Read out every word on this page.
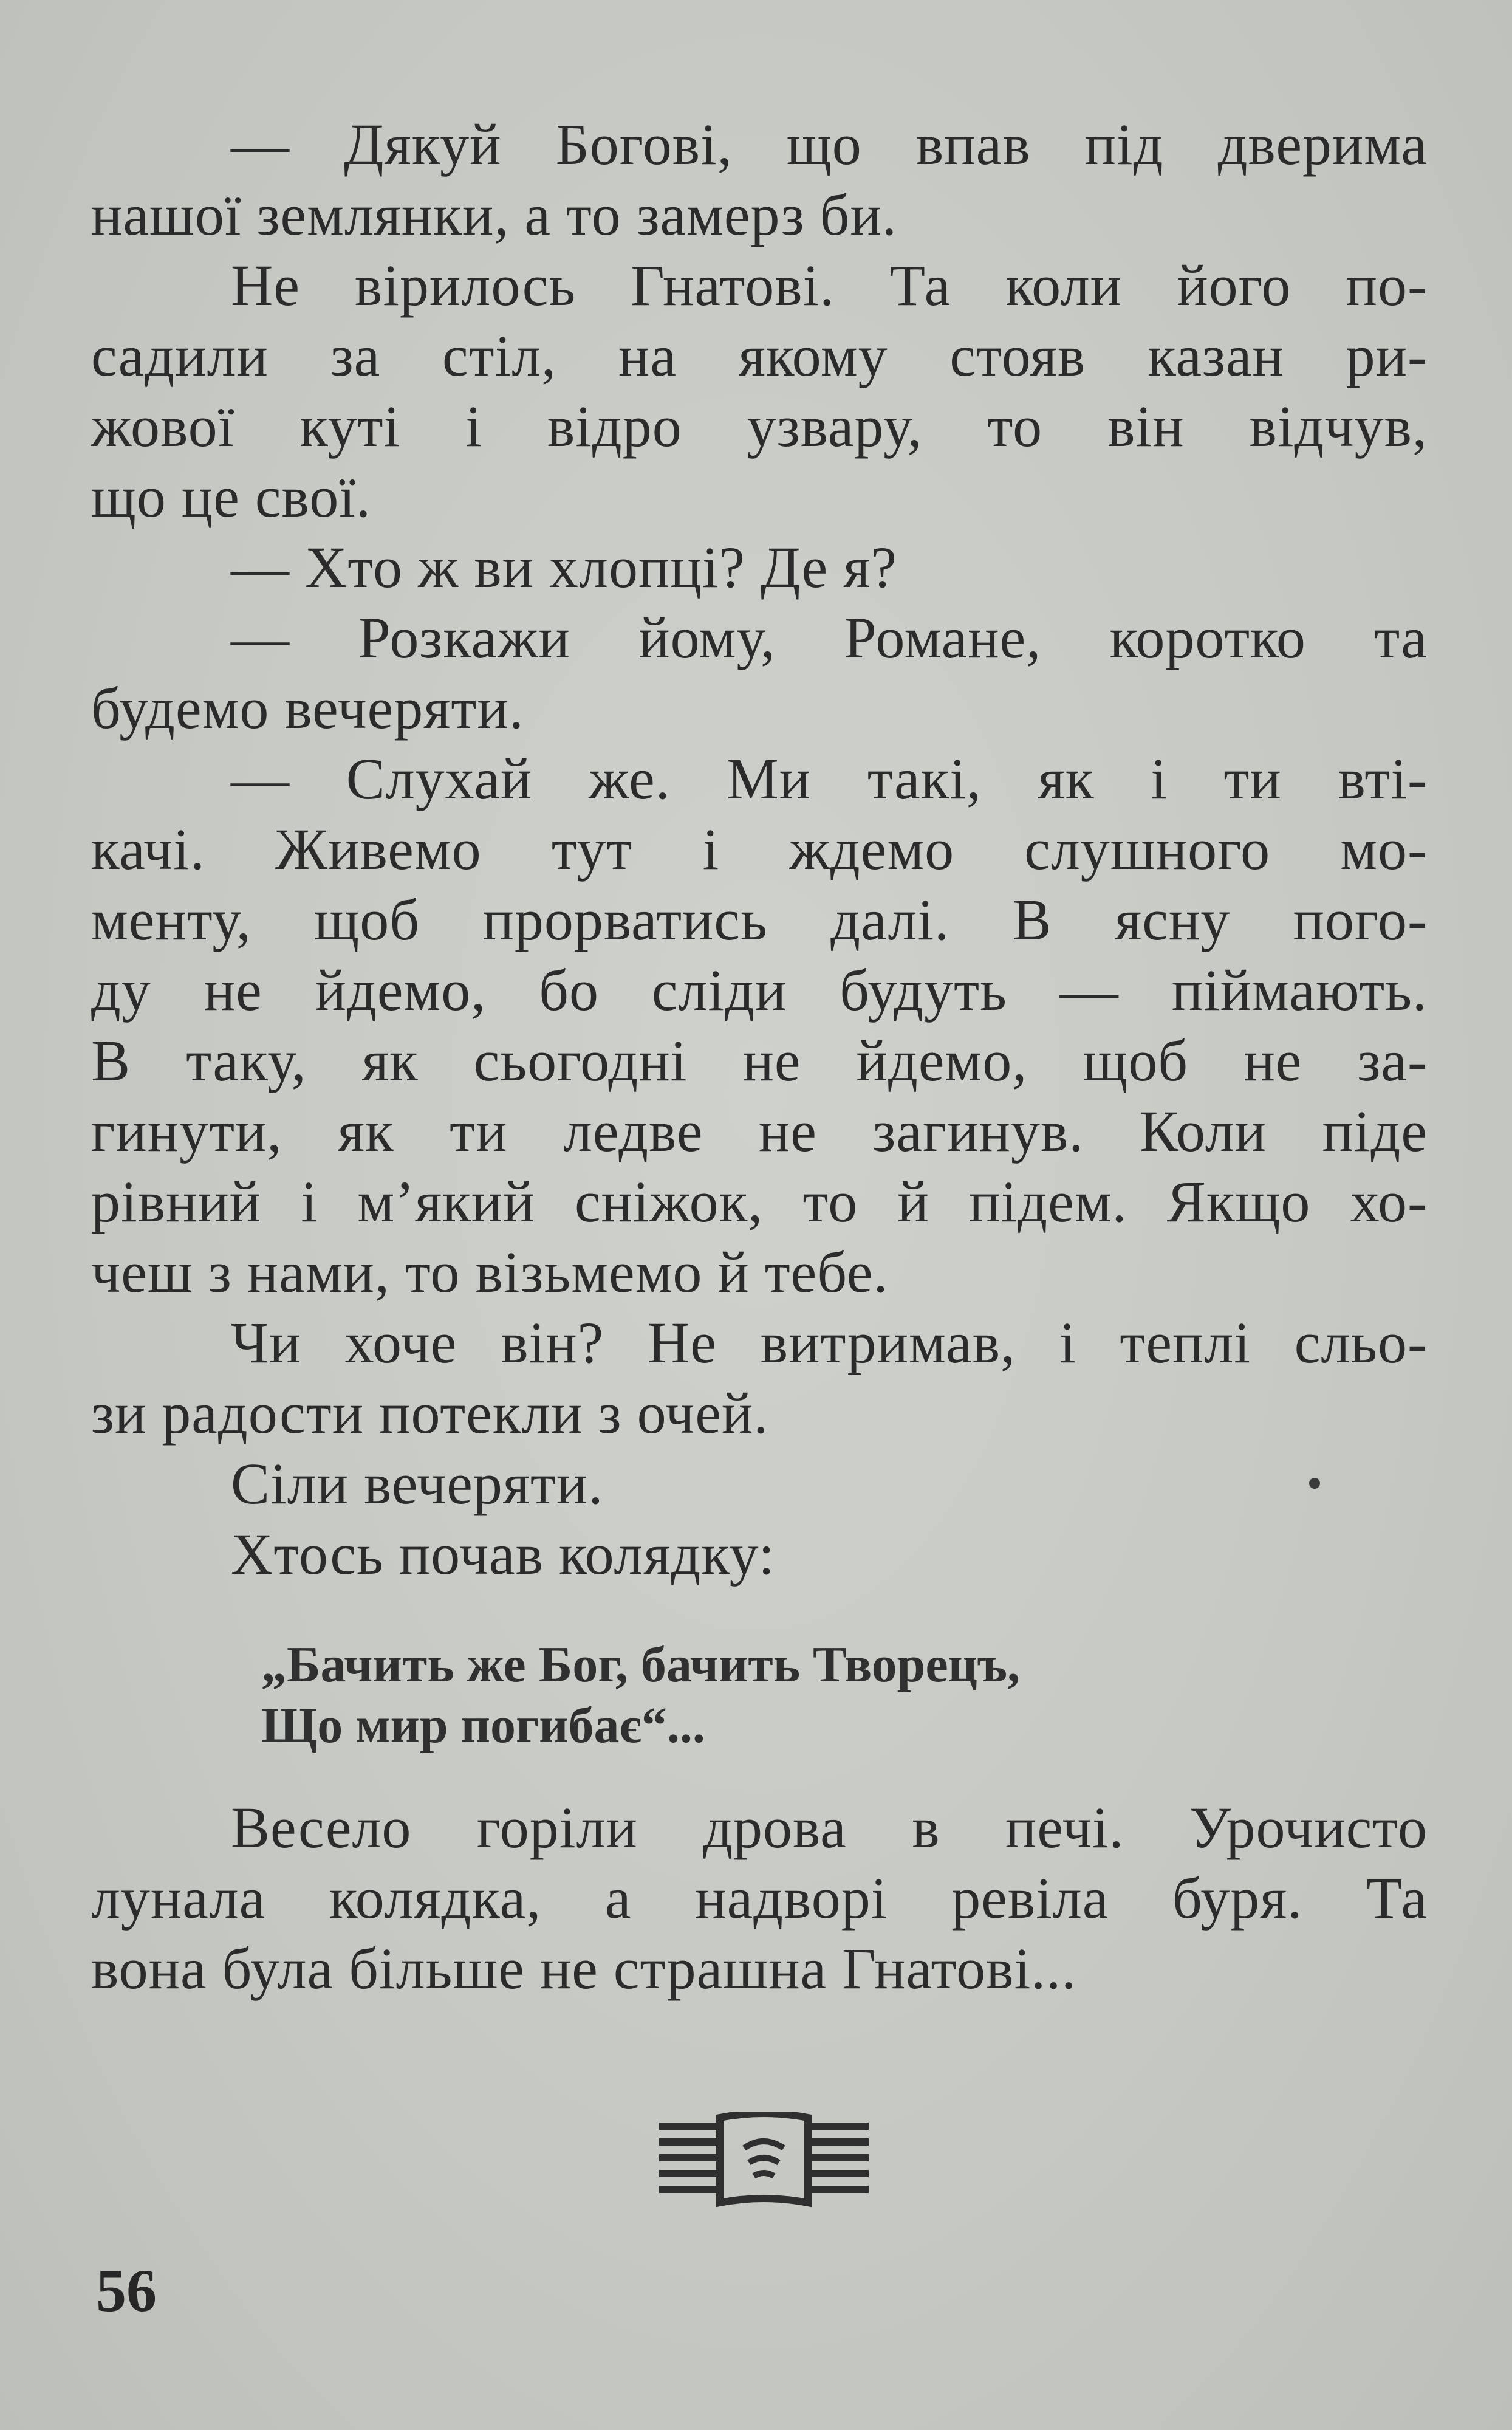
— Дякуй Богові, що впав під дверима
нашої землянки, а то замерз би.
Не вірилось Гнатові. Та коли його по-
садили за стіл, на якому стояв казан ри-
жової куті і відро узвару, то він відчув,
що це свої.
— Хто ж ви хлопці? Де я?
— Розкажи йому, Романе, коротко та
будемо вечеряти.
— Слухай же. Ми такі, як і ти вті-
качі. Живемо тут і ждемо слушного мо-
менту, щоб прорватись далі. В ясну пого-
ду не йдемо, бо сліди будуть — піймають.
В таку, як сьогодні не йдемо, щоб не за-
гинути, як ти ледве не загинув. Коли піде
рівний і м’який сніжок, то й підем. Якщо хо-
чеш з нами, то візьмемо й тебе.
Чи хоче він? Не витримав, і теплі сльо-
зи радости потекли з очей.
Сіли вечеряти.
Хтось почав колядку:
„Бачить же Бог, бачить Творецъ,
Що мир погибає“...
Весело горіли дрова в печі. Урочисто
лунала колядка, а надворі ревіла буря. Та
вона була більше не страшна Гнатові...
56
